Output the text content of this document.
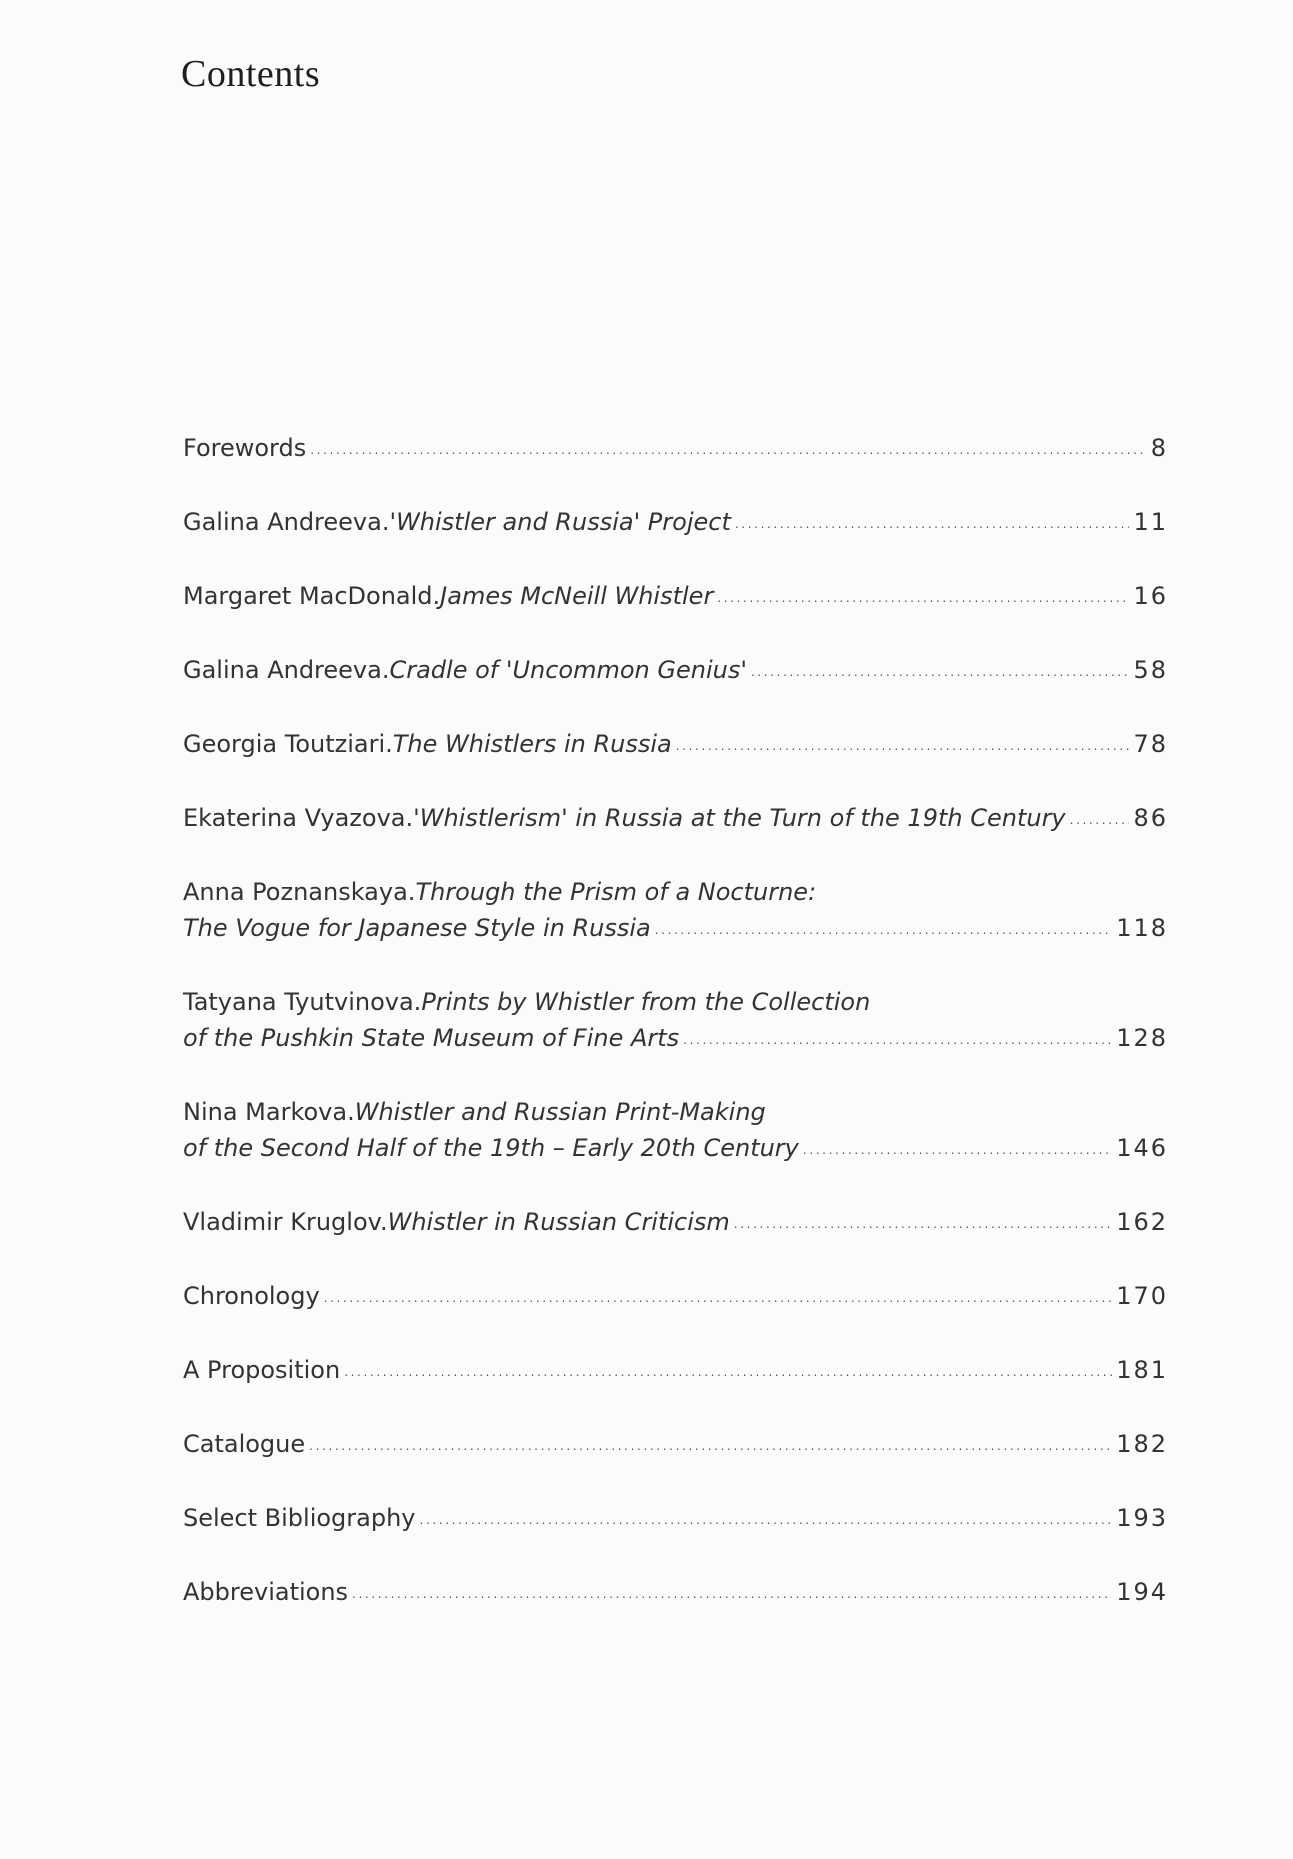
Contents
Forewords . . .	8
Galina Andreeva. 'Whistler and Russia' Project . . .	11
Margaret MacDonald. James McNeill Whistler . . .	16
Galina Andreeva. Cradle of 'Uncommon Genius' . . .	58
Georgia Toutziari. The Whistlers in Russia . . .	78
Ekaterina Vyazova. 'Whistlerism' in Russia at the Turn of the 19th Century . . .	86
Anna Poznanskaya. Through the Prism of a Nocturne:
The Vogue for Japanese Style in Russia . . .	118
Tatyana Tyutvinova. Prints by Whistler from the Collection
of the Pushkin State Museum of Fine Arts . . .	128
Nina Markova. Whistler and Russian Print-Making
of the Second Half of the 19th – Early 20th Century . . .	146
Vladimir Kruglov. Whistler in Russian Criticism . . .	162
Chronology . . .	170
A Proposition . . .	181
Catalogue . . .	182
Select Bibliography . . .	193
Abbreviations . . .	194
